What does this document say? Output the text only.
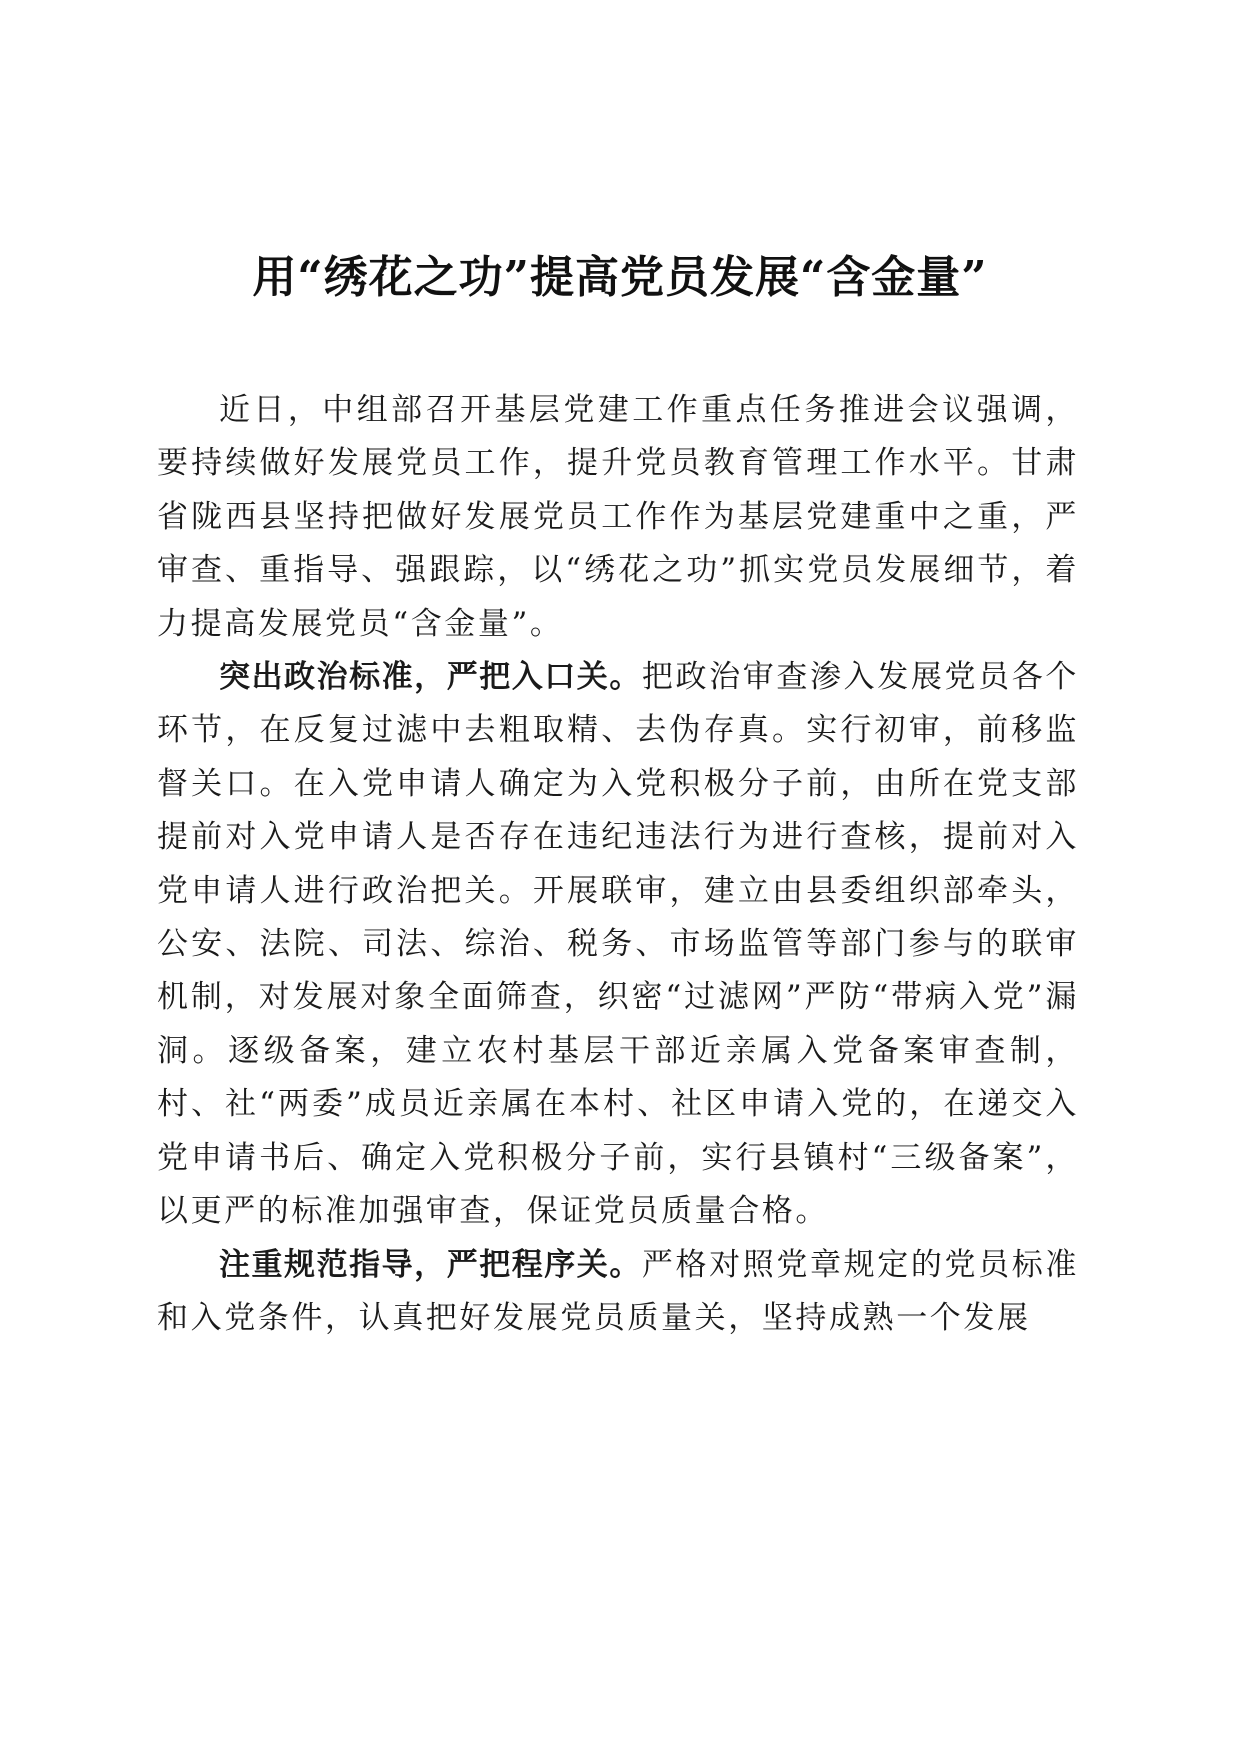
用“绣花之功”提高党员发展“含金量”

近日，中组部召开基层党建工作重点任务推进会议强调，要持续做好发展党员工作，提升党员教育管理工作水平。甘肃省陇西县坚持把做好发展党员工作作为基层党建重中之重，严审查、重指导、强跟踪，以“绣花之功”抓实党员发展细节，着力提高发展党员“含金量”。

突出政治标准，严把入口关。把政治审查渗入发展党员各个环节，在反复过滤中去粗取精、去伪存真。实行初审，前移监督关口。在入党申请人确定为入党积极分子前，由所在党支部提前对入党申请人是否存在违纪违法行为进行查核，提前对入党申请人进行政治把关。开展联审，建立由县委组织部牵头，公安、法院、司法、综治、税务、市场监管等部门参与的联审机制，对发展对象全面筛查，织密“过滤网”严防“带病入党”漏洞。逐级备案，建立农村基层干部近亲属入党备案审查制，村、社“两委”成员近亲属在本村、社区申请入党的，在递交入党申请书后、确定入党积极分子前，实行县镇村“三级备案”，以更严的标准加强审查，保证党员质量合格。

注重规范指导，严把程序关。严格对照党章规定的党员标准和入党条件，认真把好发展党员质量关，坚持成熟一个发展
